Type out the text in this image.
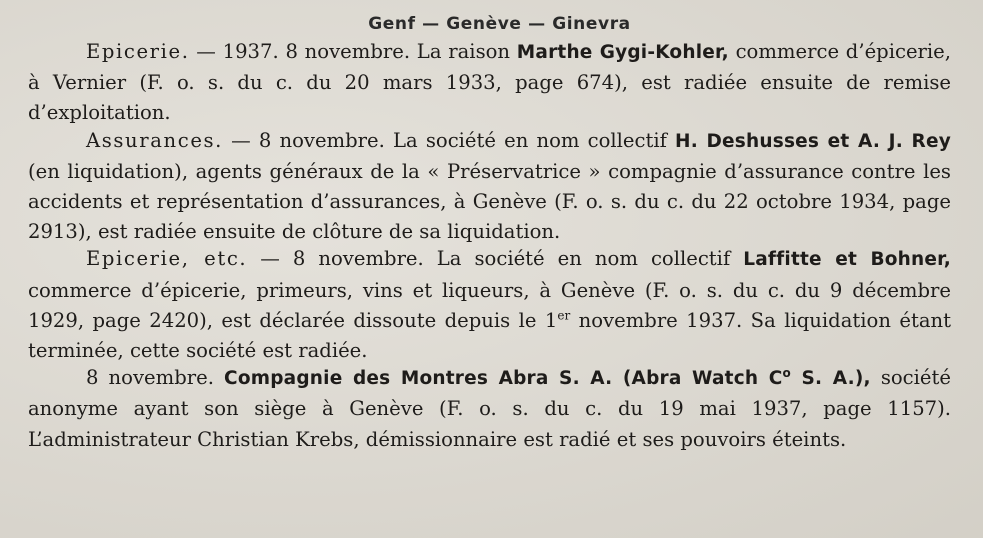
Genf — Genève — Ginevra

Epicerie. — 1937. 8 novembre. La raison Marthe Gygi-Kohler, commerce d’épicerie, à Vernier (F. o. s. du c. du 20 mars 1933, page 674), est radiée ensuite de remise d’exploitation.

Assurances. — 8 novembre. La société en nom collectif H. Deshusses et A. J. Rey (en liquidation), agents généraux de la « Préservatrice » compagnie d’assurance contre les accidents et représentation d’assurances, à Genève (F. o. s. du c. du 22 octobre 1934, page 2913), est radiée ensuite de clôture de sa liquidation.

Epicerie, etc. — 8 novembre. La société en nom collectif Laffitte et Bohner, commerce d’épicerie, primeurs, vins et liqueurs, à Genève (F. o. s. du c. du 9 décembre 1929, page 2420), est déclarée dissoute depuis le 1er novembre 1937. Sa liquidation étant terminée, cette société est radiée.

8 novembre. Compagnie des Montres Abra S. A. (Abra Watch $C^o$ S. A.), société anonyme ayant son siège à Genève (F. o. s. du c. du 19 mai 1937, page 1157). L’administrateur Christian Krebs, démissionnaire est radié et ses pouvoirs éteints.
